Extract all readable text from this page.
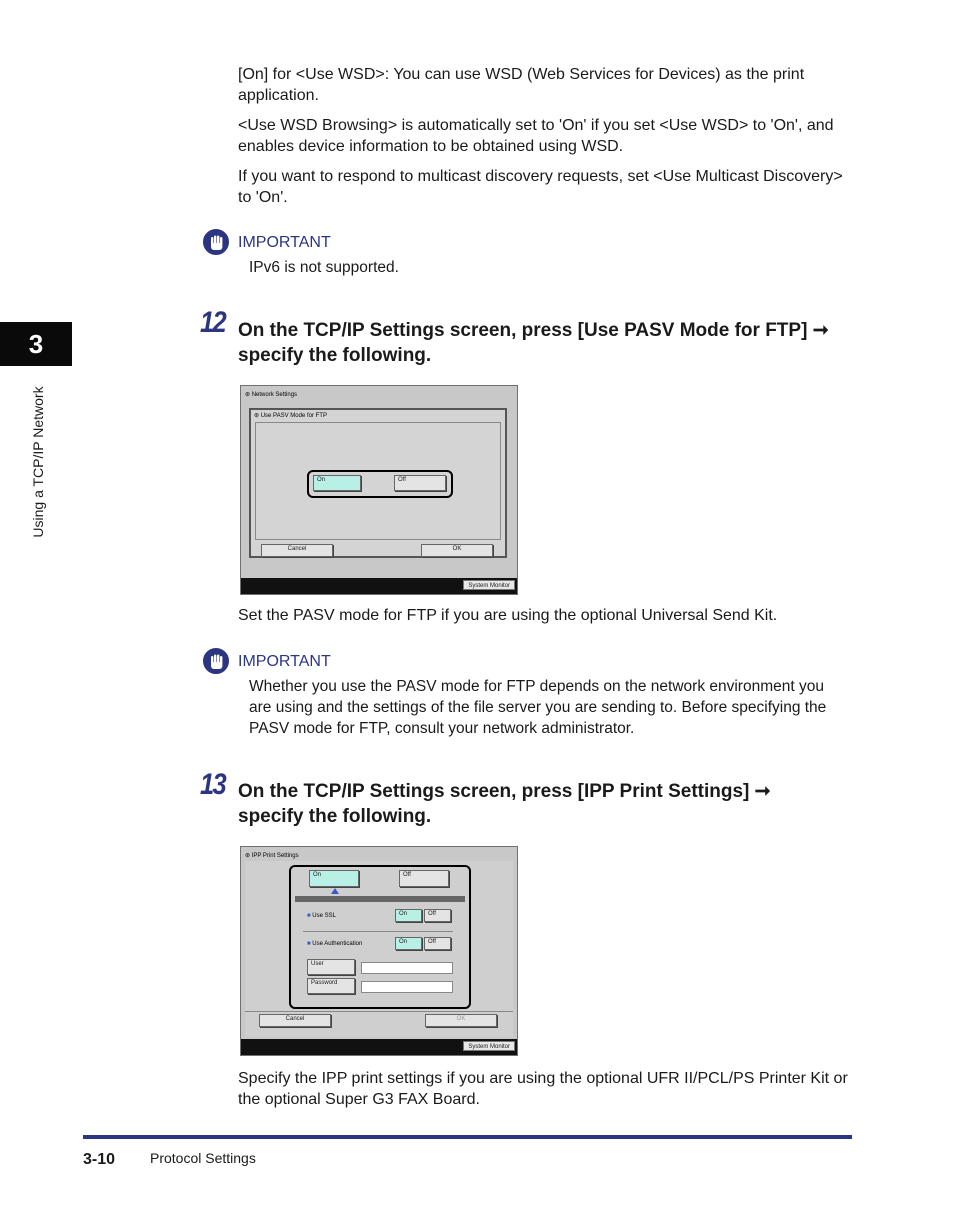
[On] for <Use WSD>: You can use WSD (Web Services for Devices) as the print application.

<Use WSD Browsing> is automatically set to 'On' if you set <Use WSD> to 'On', and enables device information to be obtained using WSD.

If you want to respond to multicast discovery requests, set <Use Multicast Discovery> to 'On'.

IMPORTANT
IPv6 is not supported.
12 On the TCP/IP Settings screen, press [Use PASV Mode for FTP] ➞ specify the following.
⊛ Network Settings
⊛ Use PASV Mode for FTP
On	Off
Cancel	OK
System Monitor

Set the PASV mode for FTP if you are using the optional Universal Send Kit.

IMPORTANT
Whether you use the PASV mode for FTP depends on the network environment you are using and the settings of the file server you are sending to. Before specifying the PASV mode for FTP, consult your network administrator.
13 On the TCP/IP Settings screen, press [IPP Print Settings] ➞ specify the following.
⊛ IPP Print Settings
On	Off
■ Use SSL	On	Off
■ Use Authentication	On	Off
User
Password
Cancel	OK
System Monitor

Specify the IPP print settings if you are using the optional UFR II/PCL/PS Printer Kit or the optional Super G3 FAX Board.

3
Using a TCP/IP Network
3-10 Protocol Settings
